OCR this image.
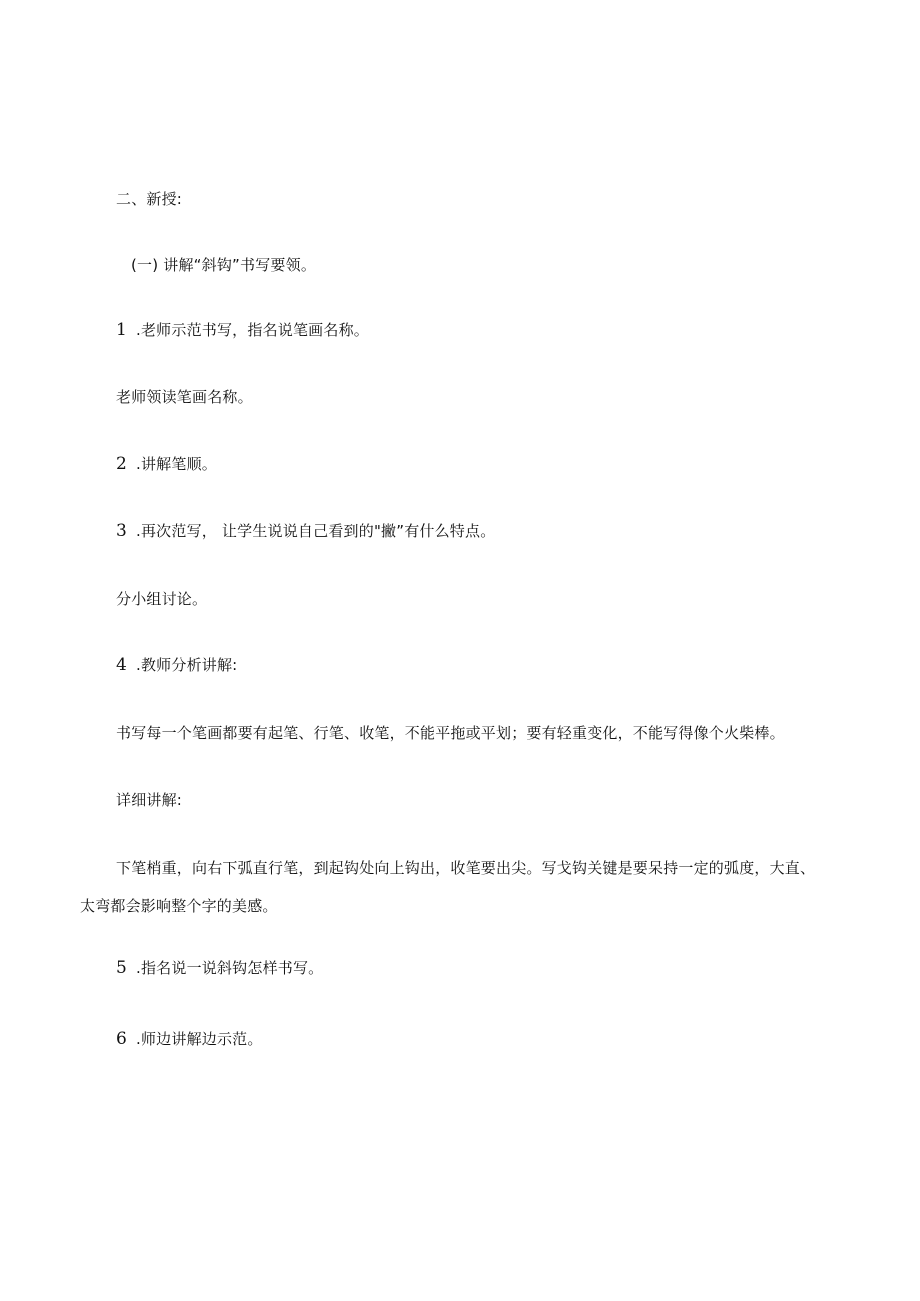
二、新授:
(一) 讲解“斜钩”书写要领。
1 .老师示范书写，指名说笔画名称。
老师领读笔画名称。
2 .讲解笔顺。
3 .再次范写， 让学生说说自己看到的"撇”有什么特点。
分小组讨论。
4 .教师分析讲解:
书写每一个笔画都要有起笔、行笔、收笔，不能平拖或平划；要有轻重变化，不能写得像个火柴棒。
详细讲解:
下笔梢重，向右下弧直行笔，到起钩处向上钩出，收笔要出尖。写戈钩关键是要呆持一定的弧度，大直、太弯都会影响整个字的美感。
5 .指名说一说斜钩怎样书写。
6 .师边讲解边示范。
